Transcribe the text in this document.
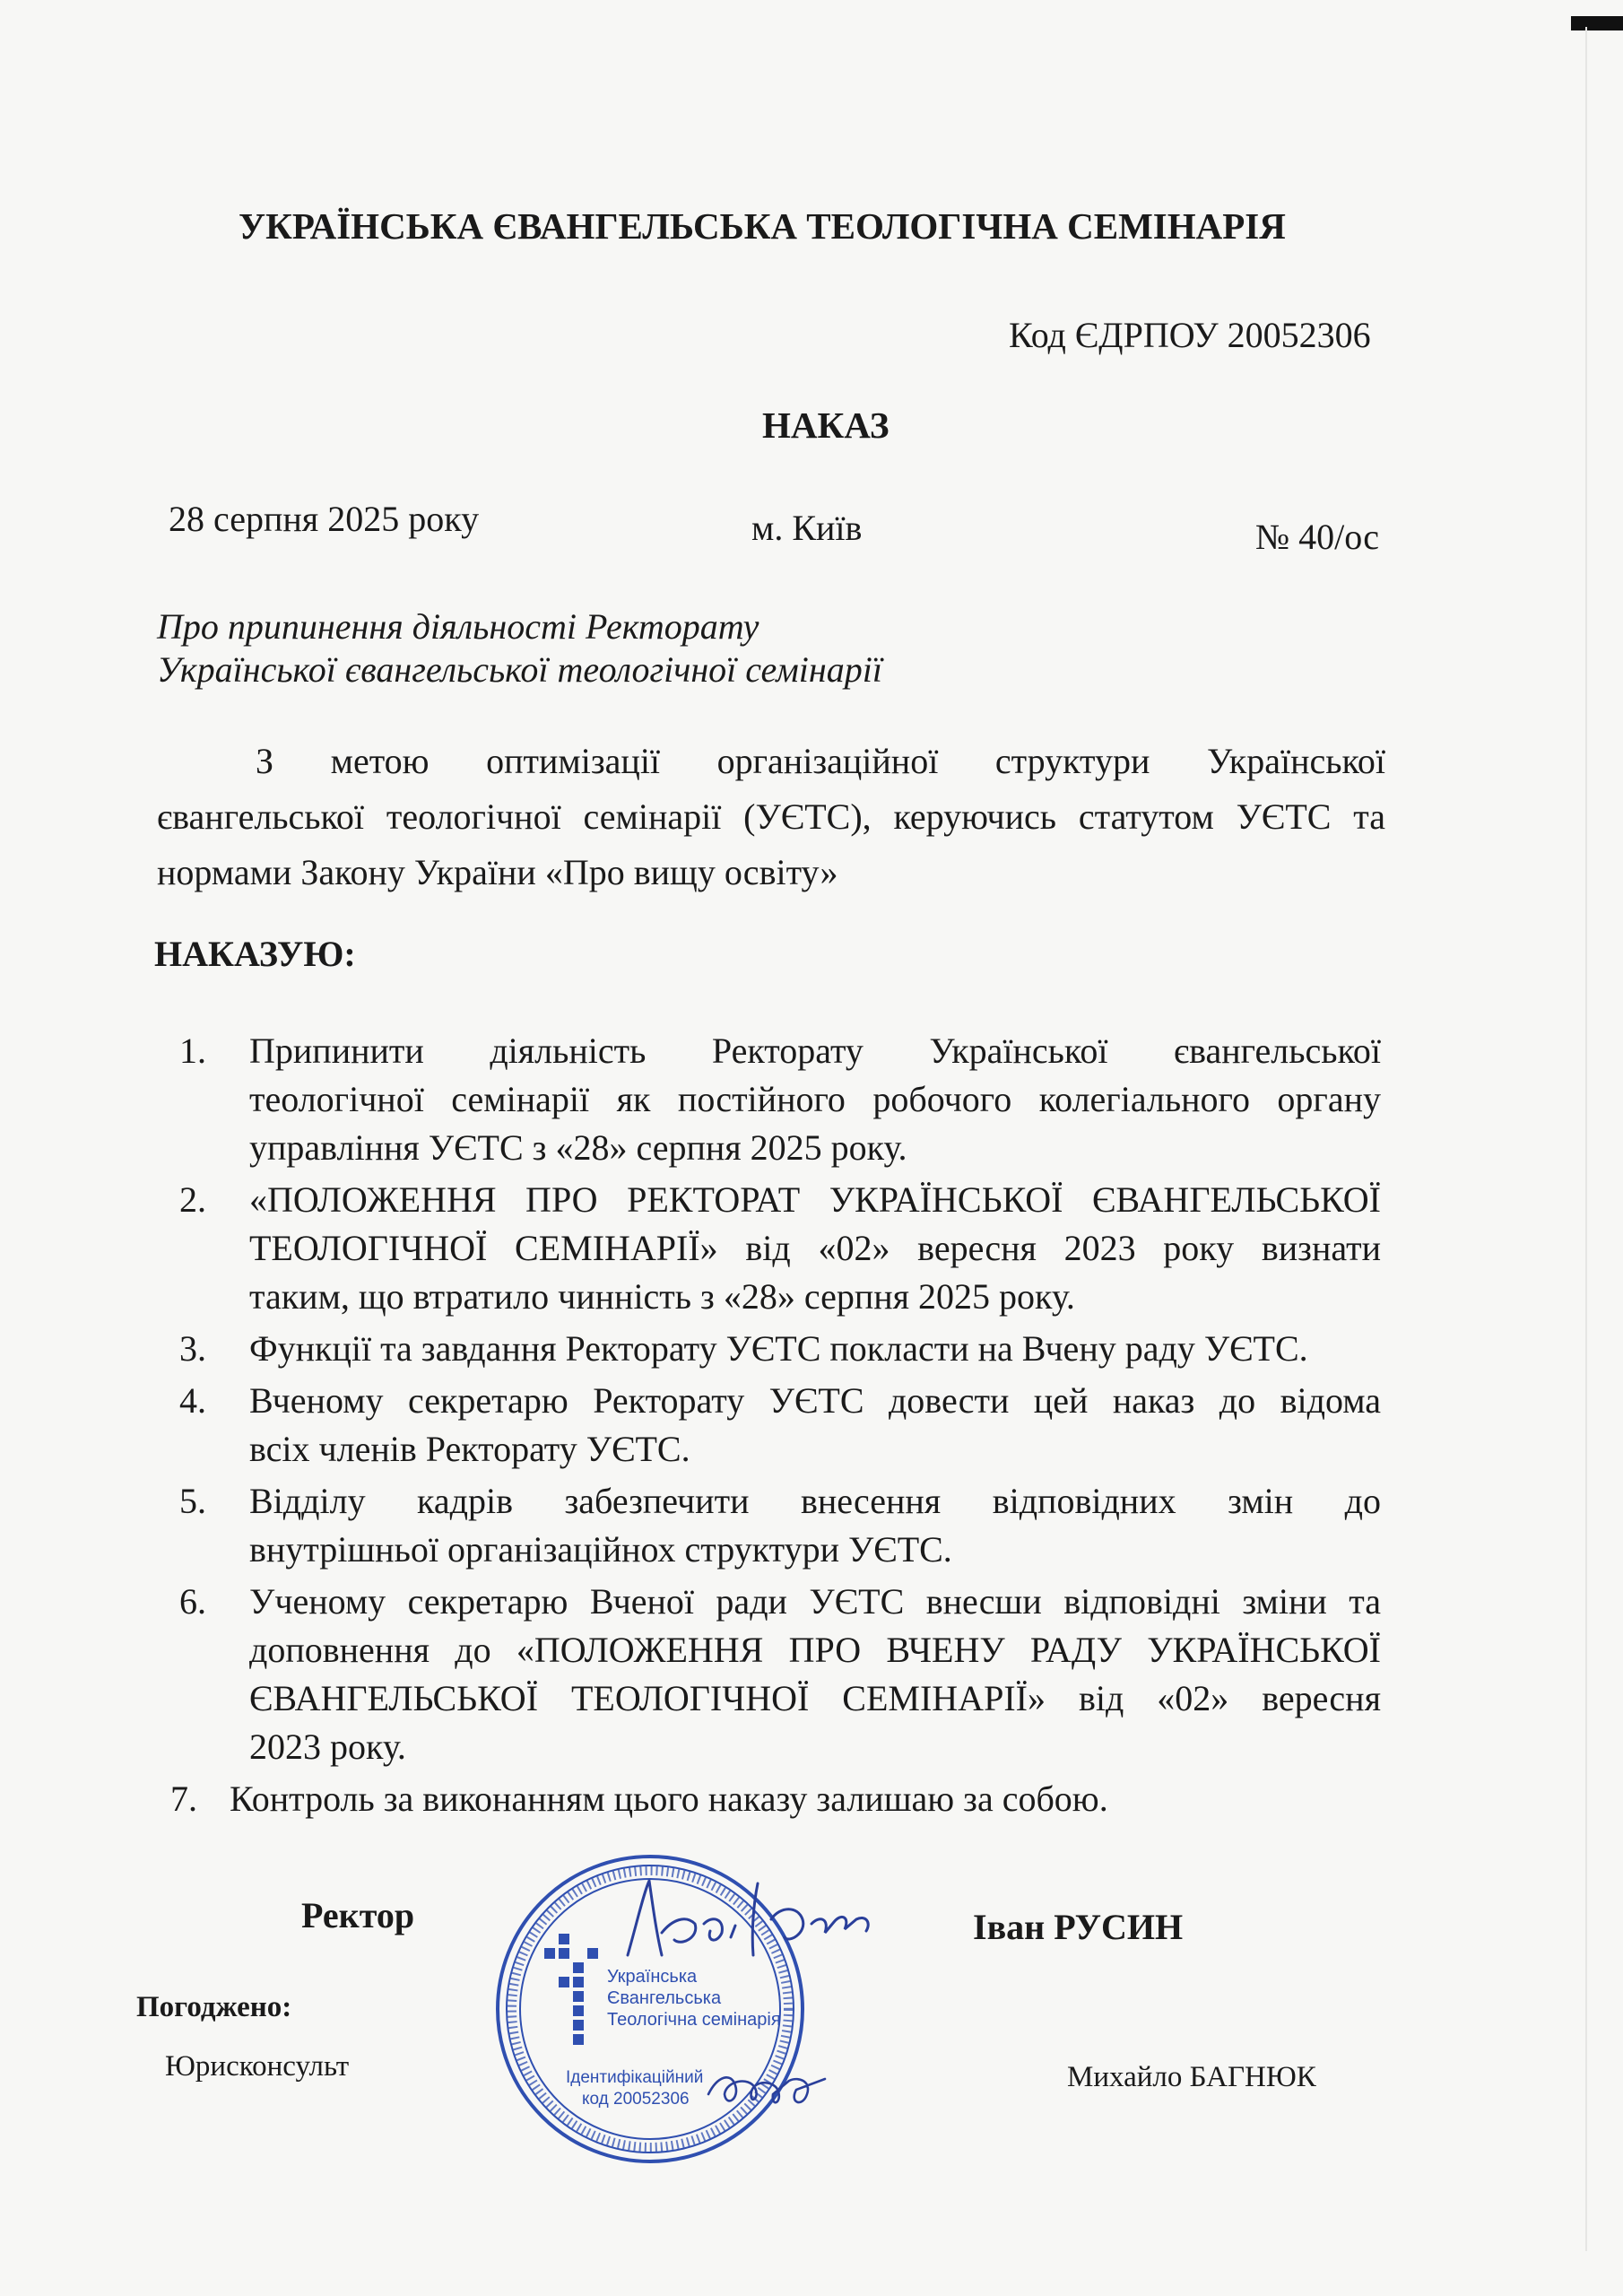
УКРАЇНСЬКА ЄВАНГЕЛЬСЬКА ТЕОЛОГІЧНА СЕМІНАРІЯ
Код ЄДРПОУ 20052306
НАКАЗ
28 серпня 2025 року	м. Київ	№ 40/ос
Про припинення діяльності Ректорату
Української євангельської теологічної семінарії
З метою оптимізації організаційної структури Української
євангельської теологічної семінарії (УЄТС), керуючись статутом УЄТС та
нормами Закону України «Про вищу освіту»
НАКАЗУЮ:
1.	Припинити діяльність Ректорату Української євангельської
теологічної семінарії як постійного робочого колегіального органу
управління УЄТС з «28» серпня 2025 року.
2.	«ПОЛОЖЕННЯ ПРО РЕКТОРАТ УКРАЇНСЬКОЇ ЄВАНГЕЛЬСЬКОЇ
ТЕОЛОГІЧНОЇ СЕМІНАРІЇ» від «02» вересня 2023 року визнати
таким, що втратило чинність з «28» серпня 2025 року.
3.	Функції та завдання Ректорату УЄТС покласти на Вчену раду УЄТС.
4.	Вченому секретарю Ректорату УЄТС довести цей наказ до відома
всіх членів Ректорату УЄТС.
5.	Відділу кадрів забезпечити внесення відповідних змін до
внутрішньої організаційнох структури УЄТС.
6.	Ученому секретарю Вченої ради УЄТС внесши відповідні зміни та
доповнення до «ПОЛОЖЕННЯ ПРО ВЧЕНУ РАДУ УКРАЇНСЬКОЇ
ЄВАНГЕЛЬСЬКОЇ ТЕОЛОГІЧНОЇ СЕМІНАРІЇ» від «02» вересня
2023 року.
7. Контроль за виконанням цього наказу залишаю за собою.
Ректор	Іван РУСИН
Погоджено:
Юрисконсульт	Михайло БАГНЮК
Українська
Євангельська
Теологічна семінарія
Ідентифікаційний
код 20052306
